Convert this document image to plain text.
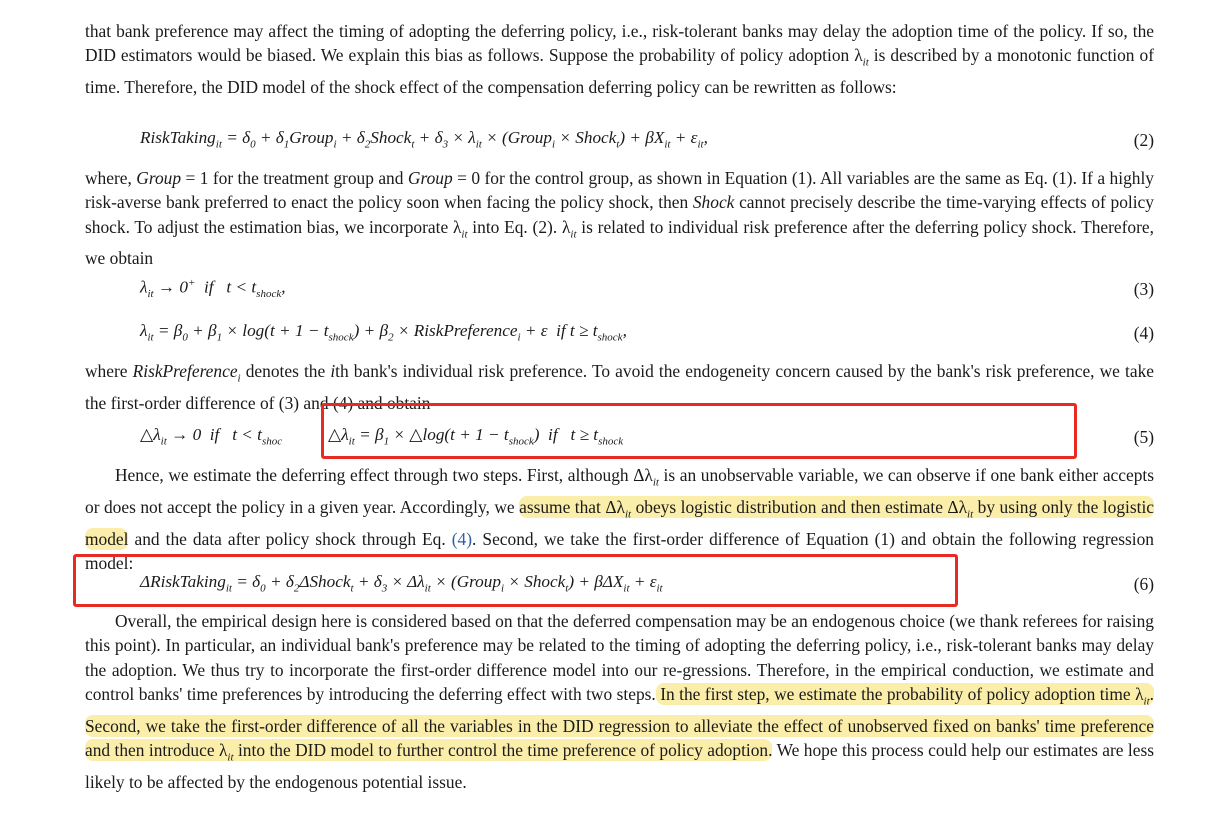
that bank preference may affect the timing of adopting the deferring policy, i.e., risk-tolerant banks may delay the adoption time of the policy. If so, the DID estimators would be biased. We explain this bias as follows. Suppose the probability of policy adoption $\lambda_{it}$ is described by a monotonic function of time. Therefore, the DID model of the shock effect of the compensation deferring policy can be rewritten as follows:

RiskTaking$_{it}$ = $\delta_0$ + $\delta_1Group_i$ + $\delta_2Shock_t + \delta_3 \times \lambda_{it}$ × (Group$_i$ × Shock$_t$) + $\beta X_{it} + \varepsilon_{it}$,	(2)

where, Group = 1 for the treatment group and Group = 0 for the control group, as shown in Equation (1). All variables are the same as Eq. (1). If a highly risk-averse bank preferred to enact the policy soon when facing the policy shock, then Shock cannot precisely describe the time-varying effects of policy shock. To adjust the estimation bias, we incorporate $\lambda_{it}$ into Eq. (2). $\lambda_{it}$ is related to individual risk preference after the deferring policy shock. Therefore, we obtain

$\lambda_{it} \to 0^+$  if   $t < t_{shock}$,	(3)
$\lambda_{it} = \beta_0 + \beta_1 \times \log(t + 1 - t_{shock}) + \beta_2$ × RiskPreference$_i$ + ε  if $t \ge t_{shock}$,	(4)

where RiskPreference$_i$ denotes the ith bank's individual risk preference. To avoid the endogeneity concern caused by the bank's risk preference, we take the first-order difference of (3) and (4) and obtain

$\triangle\lambda_{it} \to 0$  if   $t < t_{shoc}$	$\triangle\lambda_{it} = \beta_1$ × △log(t + $1 - t_{shock}$)  if   $t \ge t_{shock}$	(5)

Hence, we estimate the deferring effect through two steps. First, although $\Delta\lambda_{it}$ is an unobservable variable, we can observe if one bank either accepts or does not accept the policy in a given year. Accordingly, we assume that $\Delta\lambda_{it}$ obeys logistic distribution and then estimate $\Delta\lambda_{it}$ by using only the logistic model and the data after policy shock through Eq. (4). Second, we take the first-order difference of Equation (1) and obtain the following regression model:

ΔRiskTaking$_{it}$ = $\delta_0$ + $\delta_2\Delta Shock_t + \delta_3 \times \Delta\lambda_{it}$ × (Group$_i$ × Shock$_t$) + $\beta\Delta X_{it} + \varepsilon_{it}$	(6)

Overall, the empirical design here is considered based on that the deferred compensation may be an endogenous choice (we thank referees for raising this point). In particular, an individual bank's preference may be related to the timing of adopting the deferring policy, i.e., risk-tolerant banks may delay the adoption. We thus try to incorporate the first-order difference model into our re-gressions. Therefore, in the empirical conduction, we estimate and control banks' time preferences by introducing the deferring effect with two steps. In the first step, we estimate the probability of policy adoption time $\lambda_{it}$. Second, we take the first-order difference of all the variables in the DID regression to alleviate the effect of unobserved fixed on banks' time preference and then introduce $\lambda_{it}$ into the DID model to further control the time preference of policy adoption. We hope this process could help our estimates are less likely to be affected by the endogenous potential issue.
